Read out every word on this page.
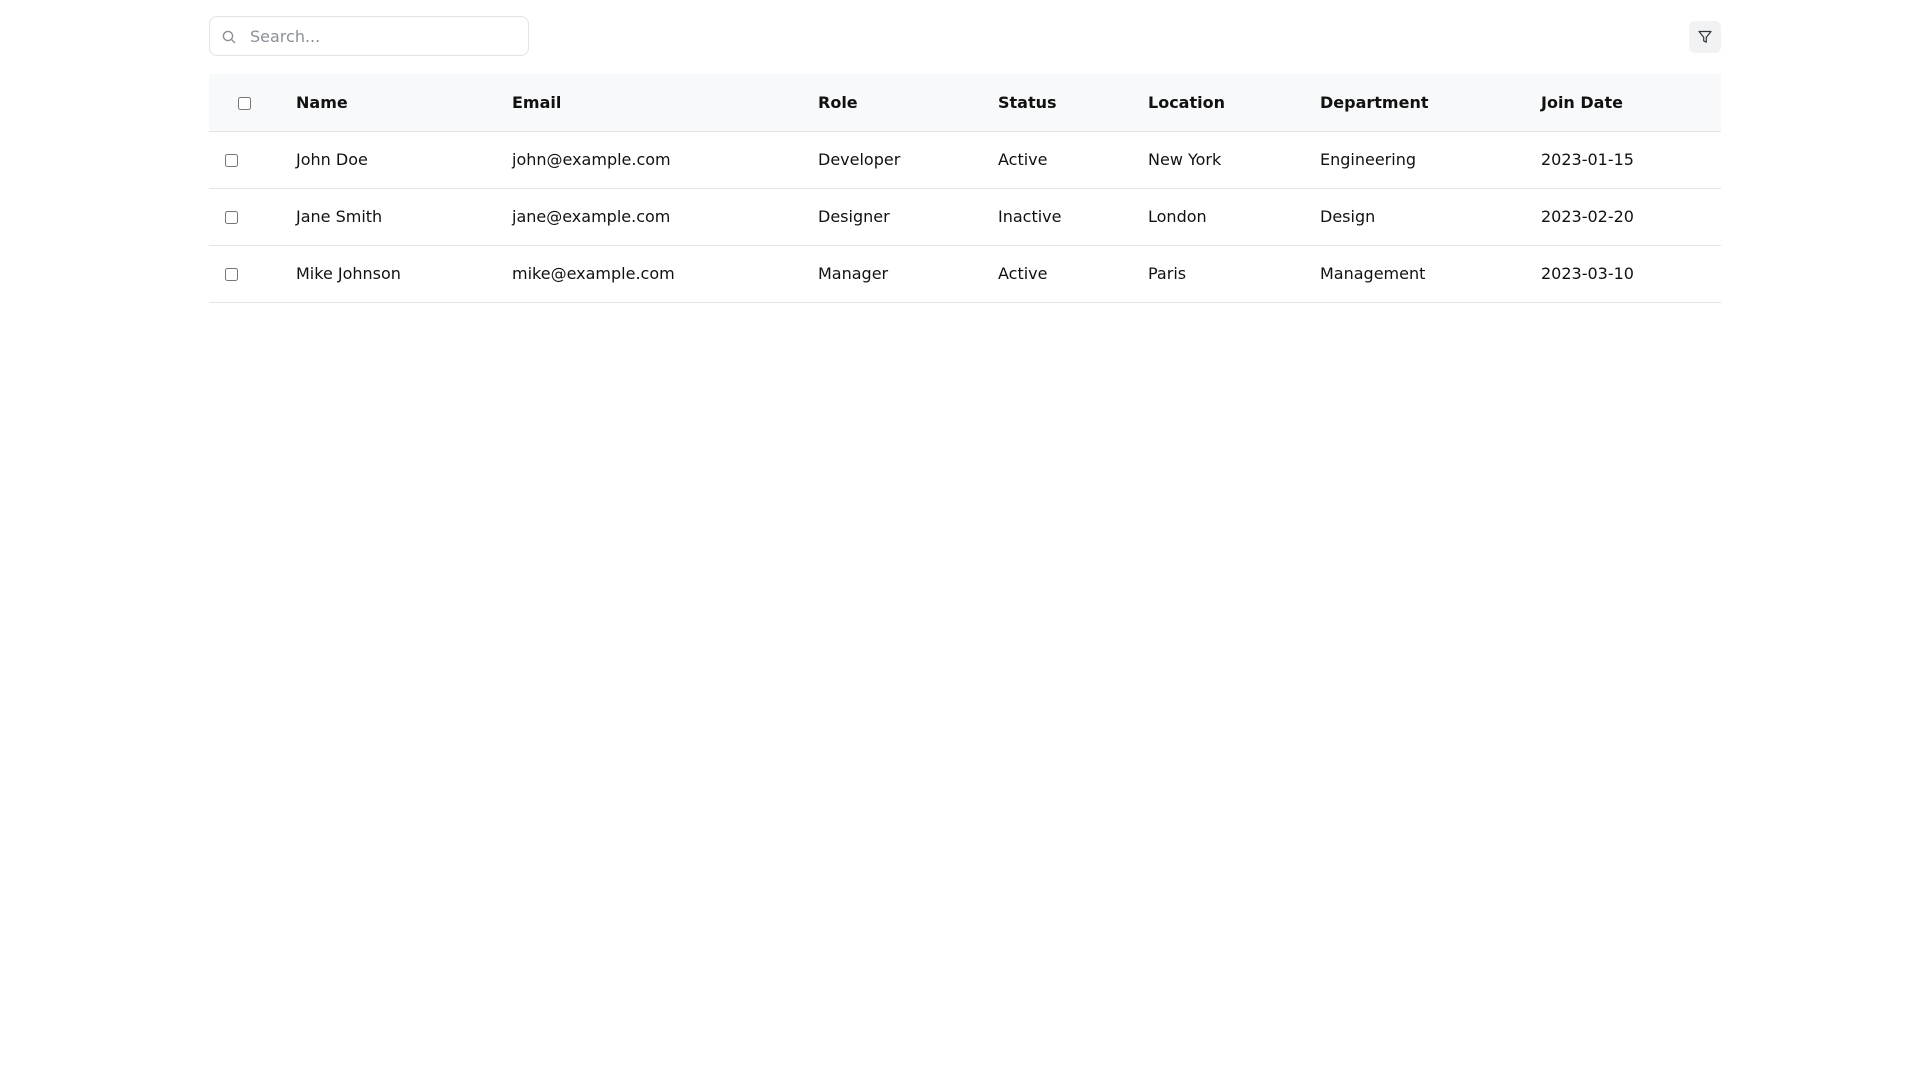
Search...
	Name	Email	Role	Status	Location	Department	Join Date
	John Doe	john@example.com	Developer	Active	New York	Engineering	2023-01-15
	Jane Smith	jane@example.com	Designer	Inactive	London	Design	2023-02-20
	Mike Johnson	mike@example.com	Manager	Active	Paris	Management	2023-03-10
